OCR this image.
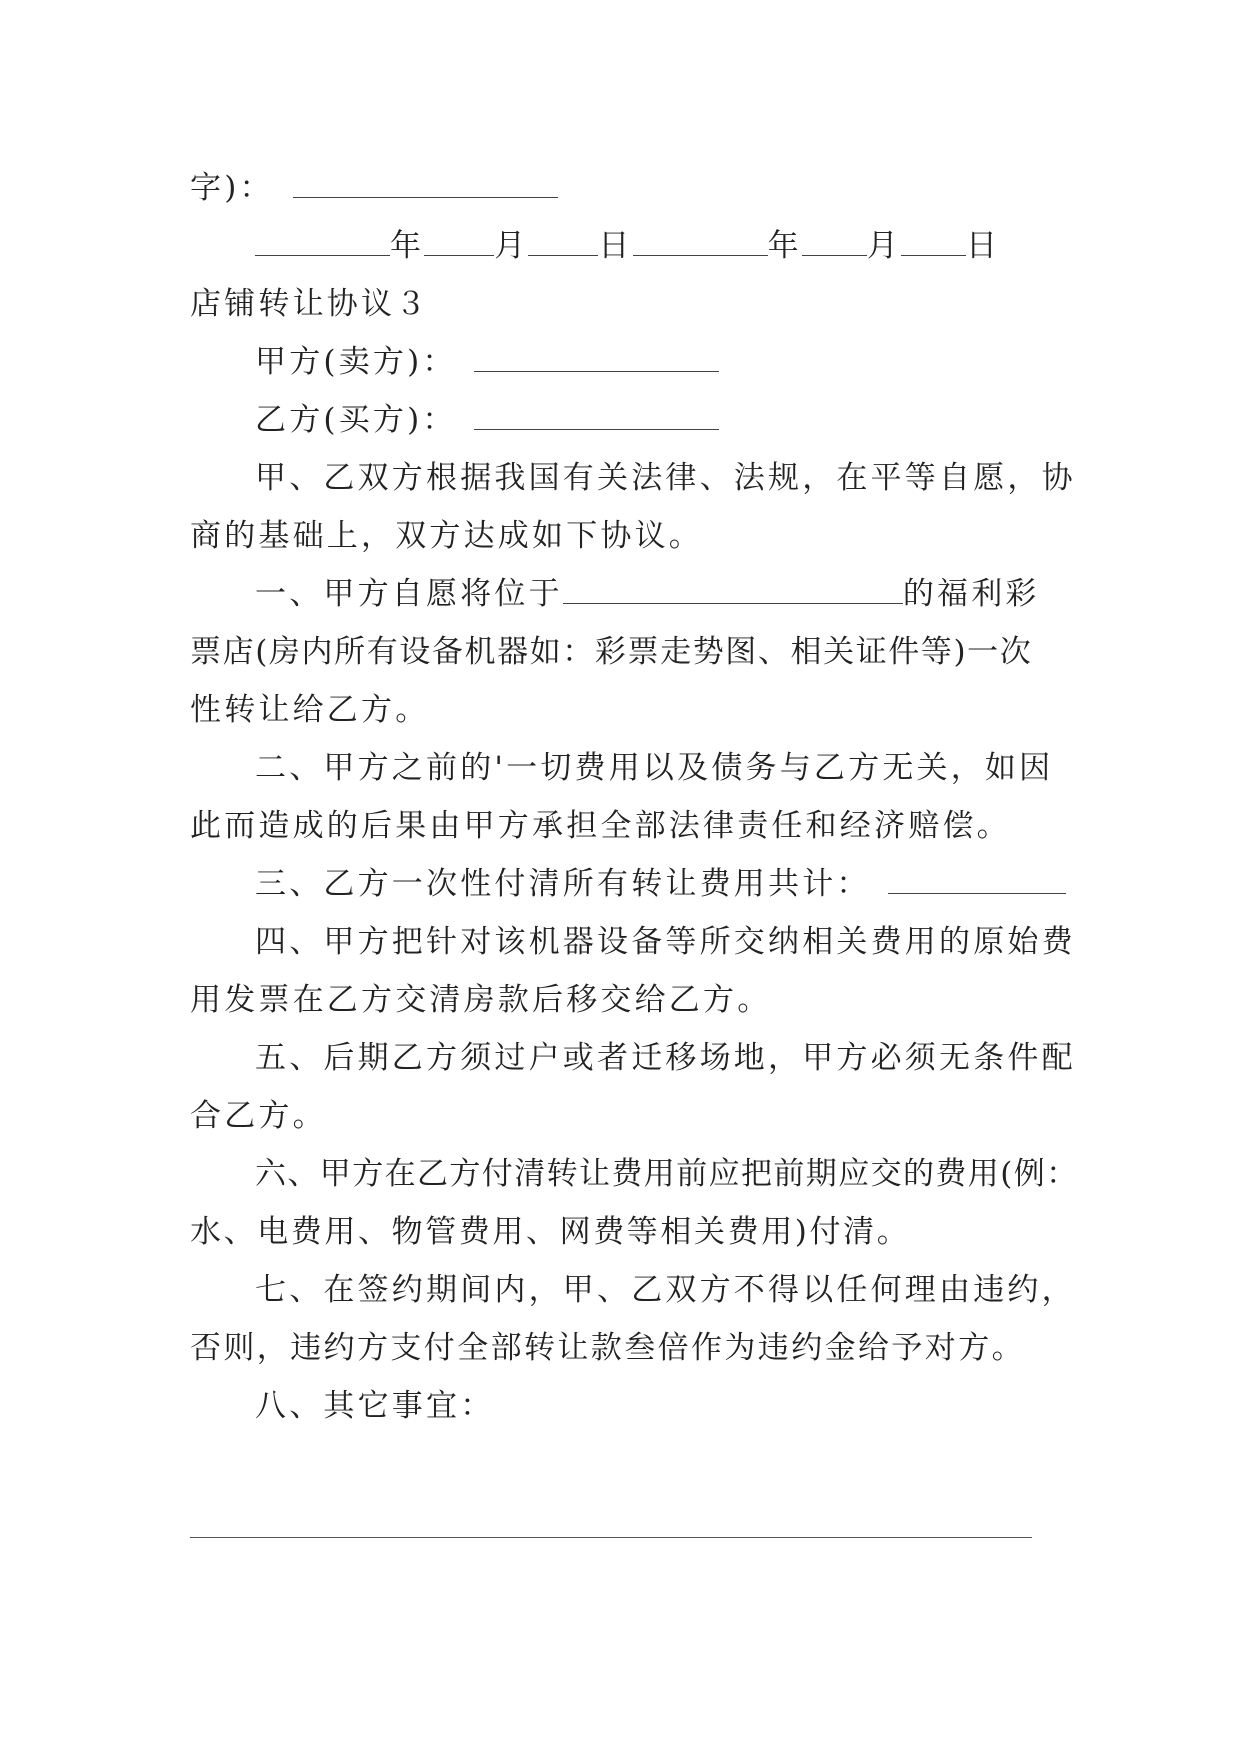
字)：
年 月 日	年 月 日
店铺转让协议３
甲方(卖方)：
乙方(买方)：
甲、乙双方根据我国有关法律、法规，在平等自愿，协
商的基础上，双方达成如下协议。
一、甲方自愿将位于	的福利彩
票店(房内所有设备机器如：彩票走势图、相关证件等)一次
性转让给乙方。
二、甲方之前的'一切费用以及债务与乙方无关，如因
此而造成的后果由甲方承担全部法律责任和经济赔偿。
三、乙方一次性付清所有转让费用共计：
四、甲方把针对该机器设备等所交纳相关费用的原始费
用发票在乙方交清房款后移交给乙方。
五、后期乙方须过户或者迁移场地，甲方必须无条件配
合乙方。
六、甲方在乙方付清转让费用前应把前期应交的费用(例：
水、电费用、物管费用、网费等相关费用)付清。
七、在签约期间内，甲、乙双方不得以任何理由违约，
否则，违约方支付全部转让款叁倍作为违约金给予对方。
八、其它事宜：
